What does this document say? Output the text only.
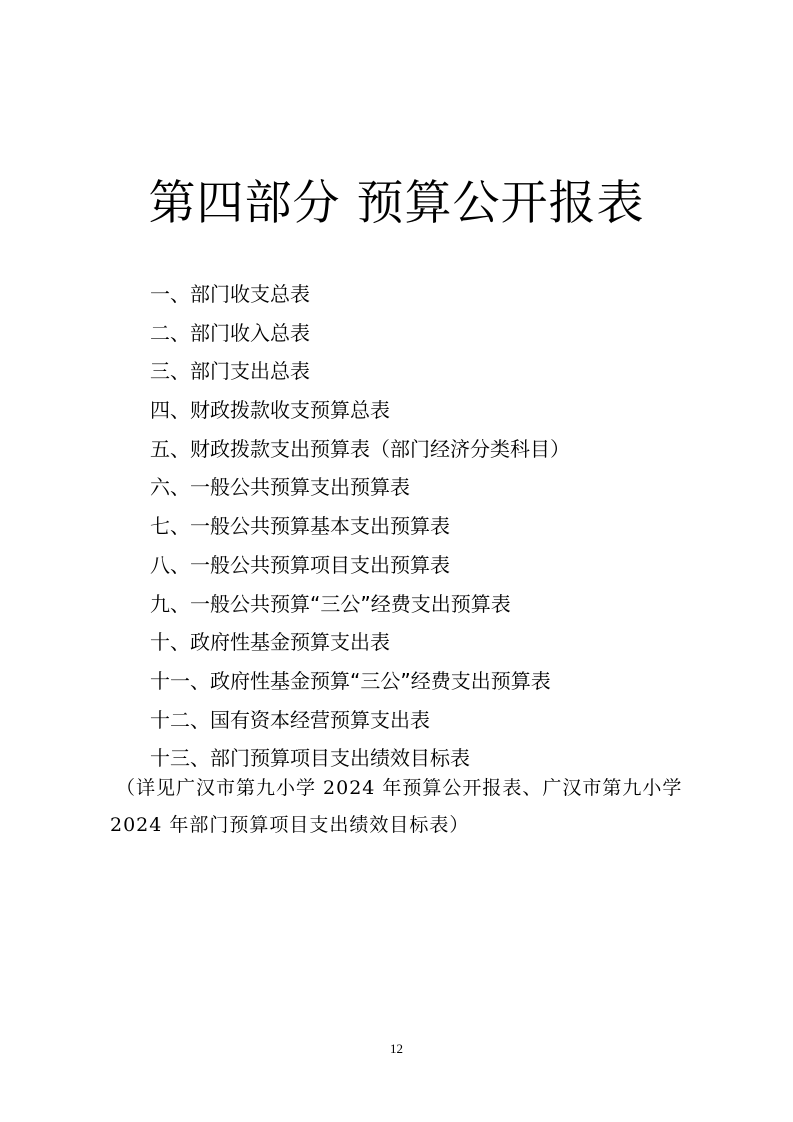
第四部分 预算公开报表
一、部门收支总表
二、部门收入总表
三、部门支出总表
四、财政拨款收支预算总表
五、财政拨款支出预算表（部门经济分类科目）
六、一般公共预算支出预算表
七、一般公共预算基本支出预算表
八、一般公共预算项目支出预算表
九、一般公共预算“三公”经费支出预算表
十、政府性基金预算支出表
十一、政府性基金预算“三公”经费支出预算表
十二、国有资本经营预算支出表
十三、部门预算项目支出绩效目标表
（详见广汉市第九小学 2024 年预算公开报表、广汉市第九小学
2024 年部门预算项目支出绩效目标表）
12
